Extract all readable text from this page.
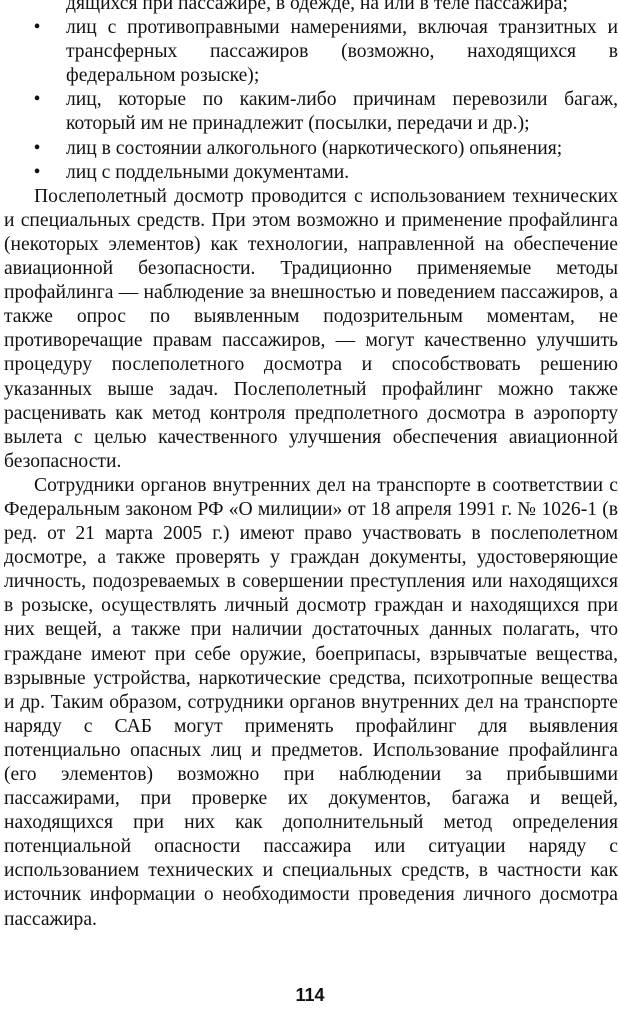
дящихся при пассажире, в одежде, на или в теле пассажира;
• лиц с противоправными намерениями, включая транзитных и трансферных пассажиров (возможно, находящихся в федеральном розыске);
• лиц, которые по каким-либо причинам перевозили багаж, который им не принадлежит (посылки, передачи и др.);
• лиц в состоянии алкогольного (наркотического) опьянения;
• лиц с поддельными документами.

Послеполетный досмотр проводится с использованием технических и специальных средств. При этом возможно и применение профайлинга (некоторых элементов) как технологии, направленной на обеспечение авиационной безопасности. Традиционно применяемые методы профайлинга — наблюдение за внешностью и поведением пассажиров, а также опрос по выявленным подозрительным моментам, не противоречащие правам пассажиров, — могут качественно улучшить процедуру послеполетного досмотра и способствовать решению указанных выше задач. Послеполетный профайлинг можно также расценивать как метод контроля предполетного досмотра в аэропорту вылета с целью качественного улучшения обеспечения авиационной безопасности.

Сотрудники органов внутренних дел на транспорте в соответствии с Федеральным законом РФ «О милиции» от 18 апреля 1991 г. № 1026-1 (в ред. от 21 марта 2005 г.) имеют право участвовать в послеполетном досмотре, а также проверять у граждан документы, удостоверяющие личность, подозреваемых в совершении преступления или находящихся в розыске, осуществлять личный досмотр граждан и находящихся при них вещей, а также при наличии достаточных данных полагать, что граждане имеют при себе оружие, боеприпасы, взрывчатые вещества, взрывные устройства, наркотические средства, психотропные вещества и др. Таким образом, сотрудники органов внутренних дел на транспорте наряду с САБ могут применять профайлинг для выявления потенциально опасных лиц и предметов. Использование профайлинга (его элементов) возможно при наблюдении за прибывшими пассажирами, при проверке их документов, багажа и вещей, находящихся при них как дополнительный метод определения потенциальной опасности пассажира или ситуации наряду с использованием технических и специальных средств, в частности как источник информации о необходимости проведения личного досмотра пассажира.

114
